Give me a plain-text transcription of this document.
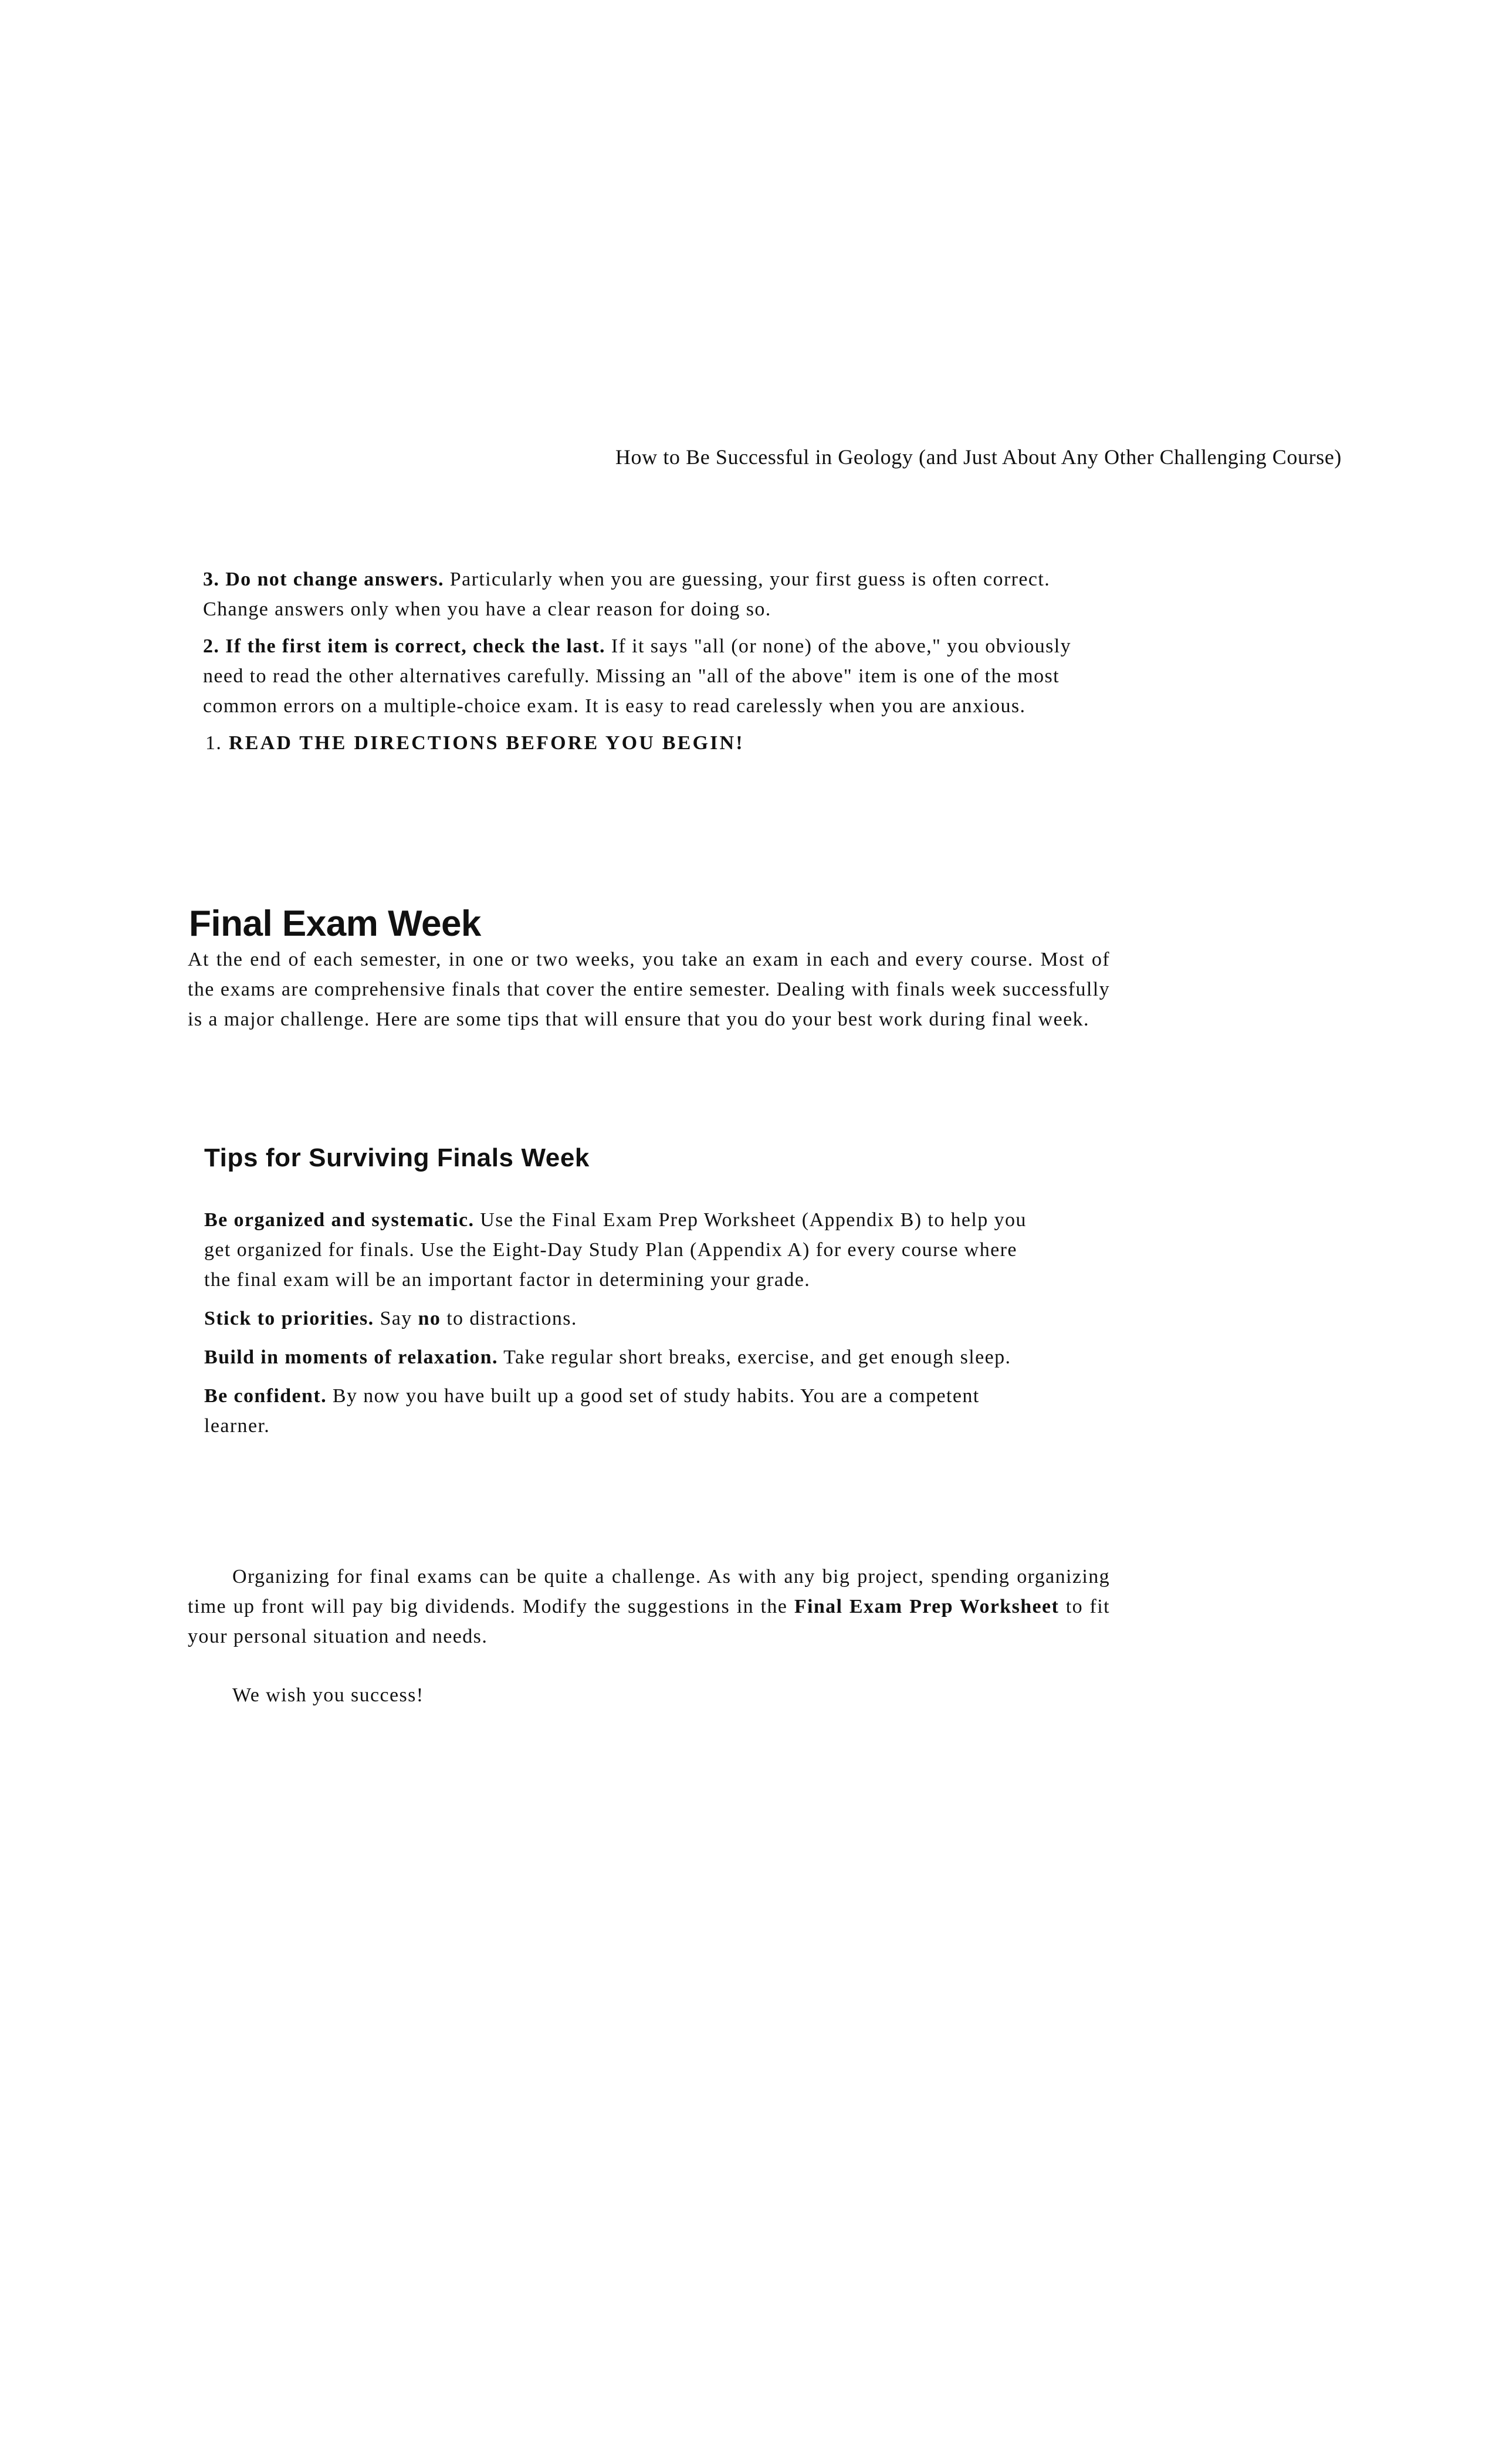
How to Be Successful in Geology (and Just About Any Other Challenging Course)

3. Do not change answers. Particularly when you are guessing, your first guess is often correct. Change answers only when you have a clear reason for doing so.

2. If the first item is correct, check the last. If it says "all (or none) of the above," you obviously need to read the other alternatives carefully. Missing an "all of the above" item is one of the most common errors on a multiple-choice exam. It is easy to read carelessly when you are anxious.

1. READ THE DIRECTIONS BEFORE YOU BEGIN!

Final Exam Week

At the end of each semester, in one or two weeks, you take an exam in each and every course. Most of the exams are comprehensive finals that cover the entire semester. Dealing with finals week successfully is a major challenge. Here are some tips that will ensure that you do your best work during final week.

Tips for Surviving Finals Week

Be organized and systematic. Use the Final Exam Prep Worksheet (Appendix B) to help you get organized for finals. Use the Eight-Day Study Plan (Appendix A) for every course where the final exam will be an important factor in determining your grade.

Stick to priorities. Say no to distractions.

Build in moments of relaxation. Take regular short breaks, exercise, and get enough sleep.

Be confident. By now you have built up a good set of study habits. You are a competent learner.

Organizing for final exams can be quite a challenge. As with any big project, spending organizing time up front will pay big dividends. Modify the suggestions in the Final Exam Prep Worksheet to fit your personal situation and needs.

We wish you success!
